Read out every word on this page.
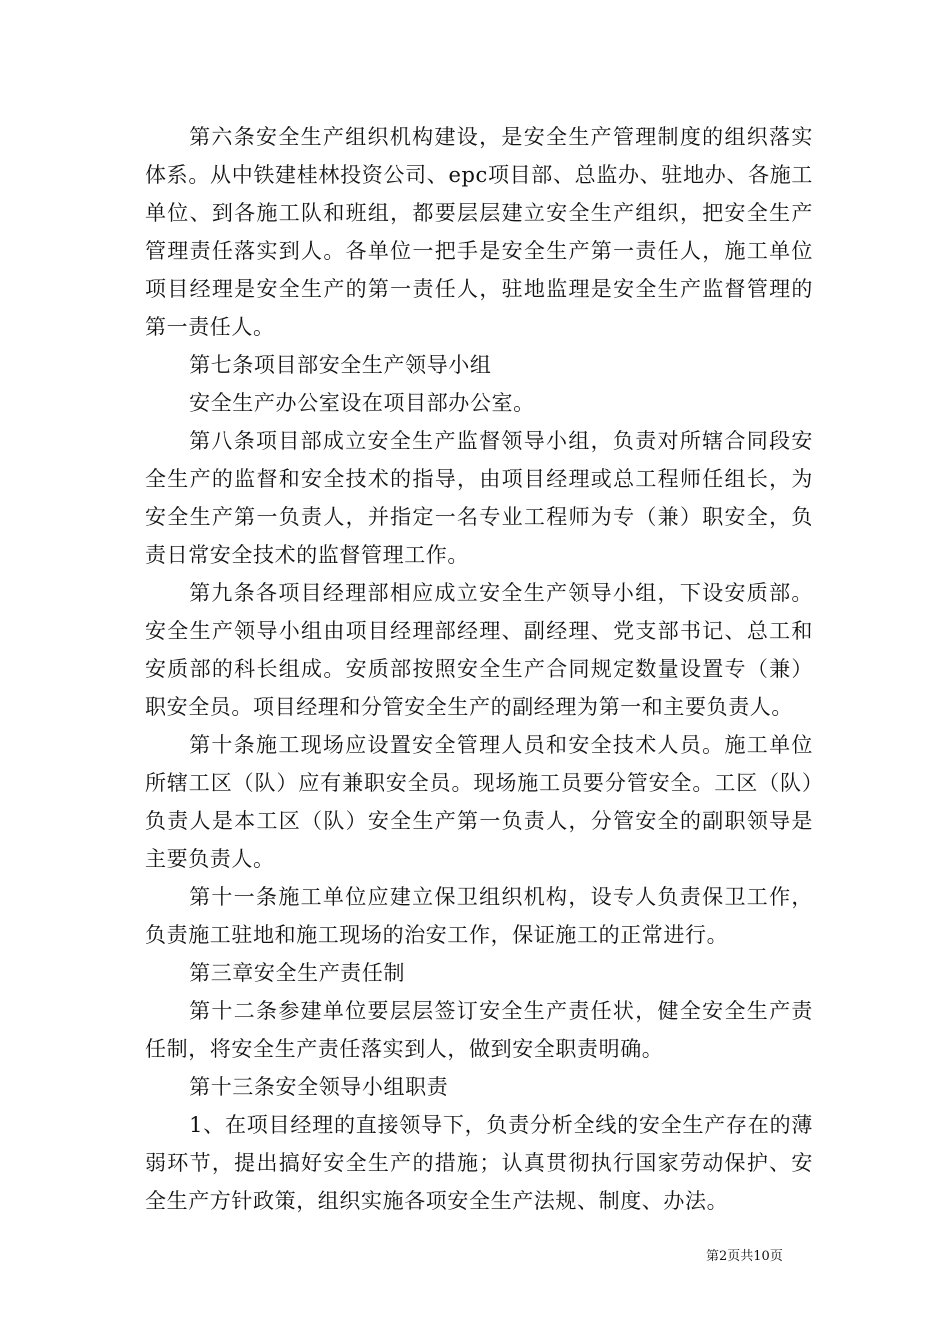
第六条安全生产组织机构建设，是安全生产管理制度的组织落实体系。从中铁建桂林投资公司、epc项目部、总监办、驻地办、各施工单位、到各施工队和班组，都要层层建立安全生产组织，把安全生产管理责任落实到人。各单位一把手是安全生产第一责任人，施工单位项目经理是安全生产的第一责任人，驻地监理是安全生产监督管理的第一责任人。

第七条项目部安全生产领导小组

安全生产办公室设在项目部办公室。

第八条项目部成立安全生产监督领导小组，负责对所辖合同段安全生产的监督和安全技术的指导，由项目经理或总工程师任组长，为安全生产第一负责人，并指定一名专业工程师为专（兼）职安全，负责日常安全技术的监督管理工作。

第九条各项目经理部相应成立安全生产领导小组，下设安质部。安全生产领导小组由项目经理部经理、副经理、党支部书记、总工和安质部的科长组成。安质部按照安全生产合同规定数量设置专（兼）职安全员。项目经理和分管安全生产的副经理为第一和主要负责人。

第十条施工现场应设置安全管理人员和安全技术人员。施工单位所辖工区（队）应有兼职安全员。现场施工员要分管安全。工区（队）负责人是本工区（队）安全生产第一负责人，分管安全的副职领导是主要负责人。

第十一条施工单位应建立保卫组织机构，设专人负责保卫工作，负责施工驻地和施工现场的治安工作，保证施工的正常进行。

第三章安全生产责任制

第十二条参建单位要层层签订安全生产责任状，健全安全生产责任制，将安全生产责任落实到人，做到安全职责明确。

第十三条安全领导小组职责

1、在项目经理的直接领导下，负责分析全线的安全生产存在的薄弱环节，提出搞好安全生产的措施；认真贯彻执行国家劳动保护、安全生产方针政策，组织实施各项安全生产法规、制度、办法。

第2页共10页
